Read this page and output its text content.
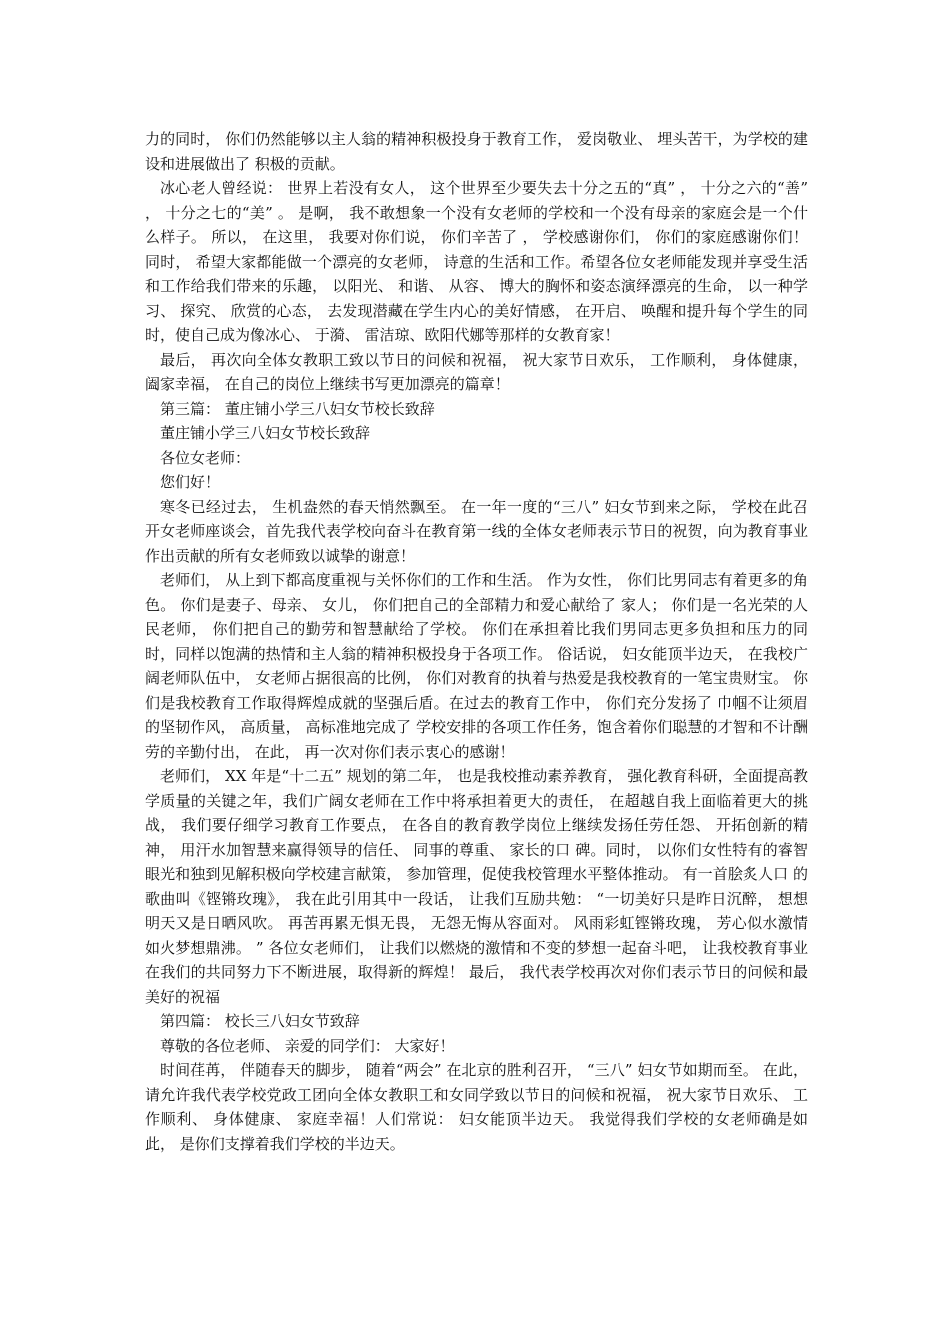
力的同时， 你们仍然能够以主人翁的精神积极投身于教育工作， 爱岗敬业、 埋头苦干，为学校的建设和进展做出了 积极的贡献。

冰心老人曾经说： 世界上若没有女人， 这个世界至少要失去十分之五的“真” ， 十分之六的“善” ， 十分之七的“美” 。 是啊， 我不敢想象一个没有女老师的学校和一个没有母亲的家庭会是一个什么样子。 所以， 在这里， 我要对你们说， 你们辛苦了 ， 学校感谢你们， 你们的家庭感谢你们！同时， 希望大家都能做一个漂亮的女老师， 诗意的生活和工作。希望各位女老师能发现并享受生活和工作给我们带来的乐趣， 以阳光、 和谐、 从容、 博大的胸怀和姿态演绎漂亮的生命， 以一种学习、 探究、 欣赏的心态， 去发现潜藏在学生内心的美好情感， 在开启、 唤醒和提升每个学生的同时，使自己成为像冰心、 于漪、 雷洁琼、欧阳代娜等那样的女教育家！

最后， 再次向全体女教职工致以节日的问候和祝福， 祝大家节日欢乐， 工作顺利， 身体健康， 阖家幸福， 在自己的岗位上继续书写更加漂亮的篇章！

第三篇： 董庄铺小学三八妇女节校长致辞

董庄铺小学三八妇女节校长致辞

各位女老师：

您们好！

寒冬已经过去， 生机盎然的春天悄然飘至。 在一年一度的“三八” 妇女节到来之际， 学校在此召开女老师座谈会，首先我代表学校向奋斗在教育第一线的全体女老师表示节日的祝贺，向为教育事业作出贡献的所有女老师致以诚挚的谢意！

老师们， 从上到下都高度重视与关怀你们的工作和生活。 作为女性， 你们比男同志有着更多的角色。 你们是妻子、母亲、 女儿， 你们把自己的全部精力和爱心献给了 家人； 你们是一名光荣的人民老师， 你们把自己的勤劳和智慧献给了学校。 你们在承担着比我们男同志更多负担和压力的同时，同样以饱满的热情和主人翁的精神积极投身于各项工作。 俗话说， 妇女能顶半边天， 在我校广阔老师队伍中， 女老师占据很高的比例， 你们对教育的执着与热爱是我校教育的一笔宝贵财宝。 你们是我校教育工作取得辉煌成就的坚强后盾。在过去的教育工作中， 你们充分发扬了 巾帼不让须眉的坚韧作风， 高质量， 高标准地完成了 学校安排的各项工作任务，饱含着你们聪慧的才智和不计酬劳的辛勤付出， 在此， 再一次对你们表示衷心的感谢！

老师们， XX 年是“十二五” 规划的第二年， 也是我校推动素养教育， 强化教育科研，全面提高教学质量的关键之年，我们广阔女老师在工作中将承担着更大的责任， 在超越自我上面临着更大的挑战， 我们要仔细学习教育工作要点， 在各自的教育教学岗位上继续发扬任劳任怨、 开拓创新的精神， 用汗水加智慧来赢得领导的信任、 同事的尊重、 家长的口 碑。同时， 以你们女性特有的睿智眼光和独到见解积极向学校建言献策， 参加管理，促使我校管理水平整体推动。 有一首脍炙人口 的歌曲叫《铿锵玫瑰》， 我在此引用其中一段话， 让我们互励共勉： “一切美好只是昨日沉醉， 想想明天又是日晒风吹。 再苦再累无惧无畏， 无怨无悔从容面对。 风雨彩虹铿锵玫瑰， 芳心似水激情如火梦想鼎沸。 ” 各位女老师们， 让我们以燃烧的激情和不变的梦想一起奋斗吧， 让我校教育事业在我们的共同努力下不断进展，取得新的辉煌！ 最后， 我代表学校再次对你们表示节日的问候和最美好的祝福

第四篇： 校长三八妇女节致辞

尊敬的各位老师、 亲爱的同学们： 大家好！

时间荏苒， 伴随春天的脚步， 随着“两会” 在北京的胜利召开， “三八” 妇女节如期而至。 在此， 请允许我代表学校党政工团向全体女教职工和女同学致以节日的问候和祝福， 祝大家节日欢乐、 工作顺利、 身体健康、 家庭幸福！人们常说： 妇女能顶半边天。 我觉得我们学校的女老师确是如此， 是你们支撑着我们学校的半边天。
